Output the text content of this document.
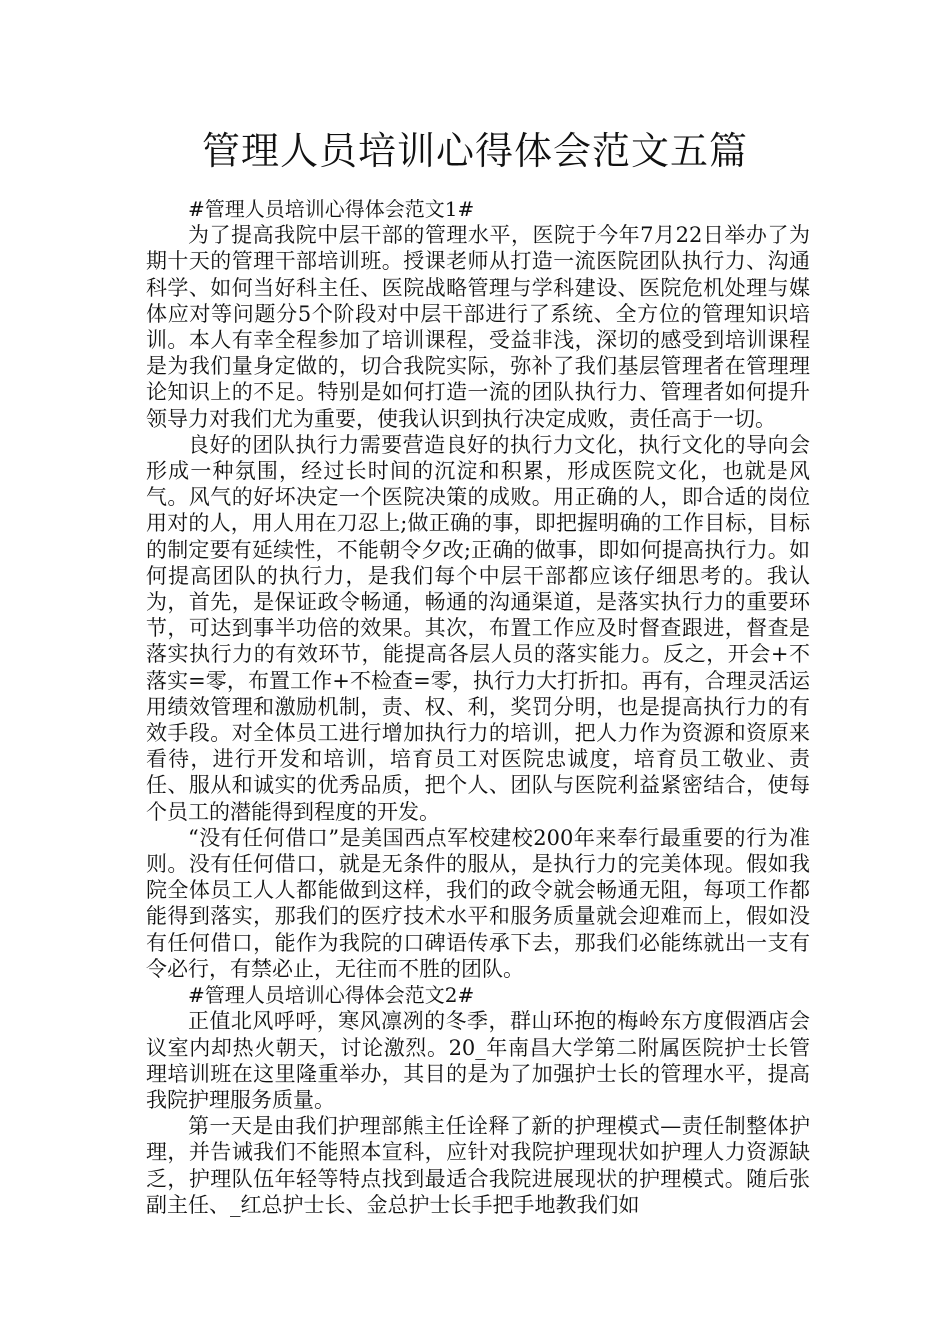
管理人员培训心得体会范文五篇

#管理人员培训心得体会范文1#

为了提高我院中层干部的管理水平，医院于今年7月22日举办了为期十天的管理干部培训班。授课老师从打造一流医院团队执行力、沟通科学、如何当好科主任、医院战略管理与学科建设、医院危机处理与媒体应对等问题分5个阶段对中层干部进行了系统、全方位的管理知识培训。本人有幸全程参加了培训课程，受益非浅，深切的感受到培训课程是为我们量身定做的，切合我院实际，弥补了我们基层管理者在管理理论知识上的不足。特别是如何打造一流的团队执行力、管理者如何提升领导力对我们尤为重要，使我认识到执行决定成败，责任高于一切。

良好的团队执行力需要营造良好的执行力文化，执行文化的导向会形成一种氛围，经过长时间的沉淀和积累，形成医院文化，也就是风气。风气的好坏决定一个医院决策的成败。用正确的人，即合适的岗位用对的人，用人用在刀忍上;做正确的事，即把握明确的工作目标，目标的制定要有延续性，不能朝令夕改;正确的做事，即如何提高执行力。如何提高团队的执行力，是我们每个中层干部都应该仔细思考的。我认为，首先，是保证政令畅通，畅通的沟通渠道，是落实执行力的重要环节，可达到事半功倍的效果。其次，布置工作应及时督查跟进，督查是落实执行力的有效环节，能提高各层人员的落实能力。反之，开会+不落实=零，布置工作+不检查=零，执行力大打折扣。再有，合理灵活运用绩效管理和激励机制，责、权、利，奖罚分明，也是提高执行力的有效手段。对全体员工进行增加执行力的培训，把人力作为资源和资原来看待，进行开发和培训，培育员工对医院忠诚度，培育员工敬业、责任、服从和诚实的优秀品质，把个人、团队与医院利益紧密结合，使每个员工的潜能得到程度的开发。

“没有任何借口”是美国西点军校建校200年来奉行最重要的行为准则。没有任何借口，就是无条件的服从，是执行力的完美体现。假如我院全体员工人人都能做到这样，我们的政令就会畅通无阻，每项工作都能得到落实，那我们的医疗技术水平和服务质量就会迎难而上，假如没有任何借口，能作为我院的口碑语传承下去，那我们必能练就出一支有令必行，有禁必止，无往而不胜的团队。

#管理人员培训心得体会范文2#

正值北风呼呼，寒风凛冽的冬季，群山环抱的梅岭东方度假酒店会议室内却热火朝天，讨论激烈。20_年南昌大学第二附属医院护士长管理培训班在这里隆重举办，其目的是为了加强护士长的管理水平，提高我院护理服务质量。

第一天是由我们护理部熊主任诠释了新的护理模式—责任制整体护理，并告诫我们不能照本宣科，应针对我院护理现状如护理人力资源缺乏，护理队伍年轻等特点找到最适合我院进展现状的护理模式。随后张副主任、_红总护士长、金总护士长手把手地教我们如
